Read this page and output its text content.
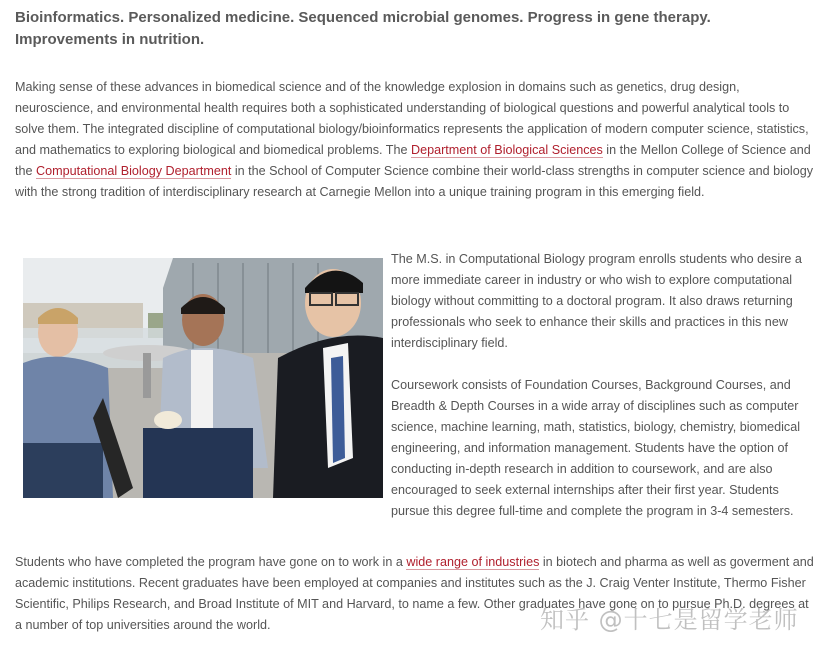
Bioinformatics. Personalized medicine. Sequenced microbial genomes. Progress in gene therapy. Improvements in nutrition.

Making sense of these advances in biomedical science and of the knowledge explosion in domains such as genetics, drug design, neuroscience, and environmental health requires both a sophisticated understanding of biological questions and powerful analytical tools to solve them. The integrated discipline of computational biology/bioinformatics represents the application of modern computer science, statistics, and mathematics to exploring biological and biomedical problems. The Department of Biological Sciences in the Mellon College of Science and the Computational Biology Department in the School of Computer Science combine their world-class strengths in computer science and biology with the strong tradition of interdisciplinary research at Carnegie Mellon into a unique training program in this emerging field.

The M.S. in Computational Biology program enrolls students who desire a more immediate career in industry or who wish to explore computational biology without committing to a doctoral program. It also draws returning professionals who seek to enhance their skills and practices in this new interdisciplinary field.

Coursework consists of Foundation Courses, Background Courses, and Breadth & Depth Courses in a wide array of disciplines such as computer science, machine learning, math, statistics, biology, chemistry, biomedical engineering, and information management. Students have the option of conducting in-depth research in addition to coursework, and are also encouraged to seek external internships after their first year. Students pursue this degree full-time and complete the program in 3-4 semesters.

Students who have completed the program have gone on to work in a wide range of industries in biotech and pharma as well as goverment and academic institutions. Recent graduates have been employed at companies and institutes such as the J. Craig Venter Institute, Thermo Fisher Scientific, Philips Research, and Broad Institute of MIT and Harvard, to name a few. Other graduates have gone on to pursue Ph.D. degrees at a number of top universities around the world.	知乎 @十七是留学老师
